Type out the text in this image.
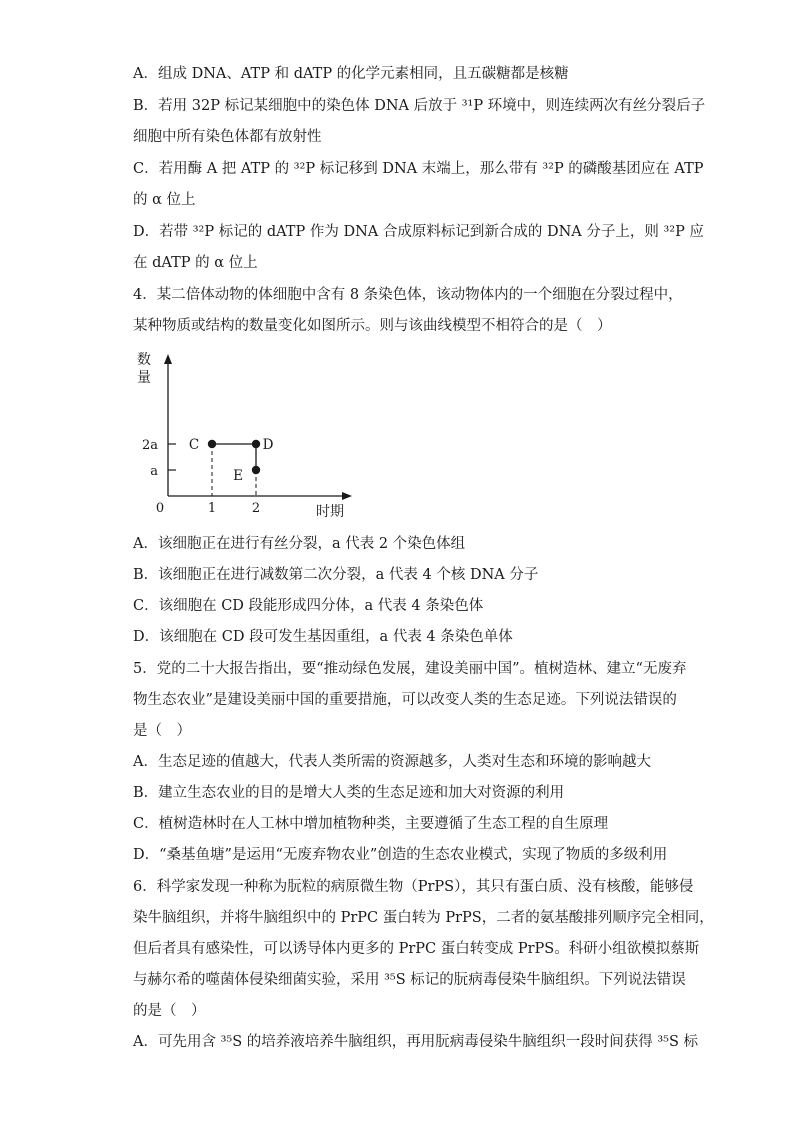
A．组成 DNA、ATP 和 dATP 的化学元素相同，且五碳糖都是核糖
B．若用 32P 标记某细胞中的染色体 DNA 后放于 ³¹P 环境中，则连续两次有丝分裂后子
细胞中所有染色体都有放射性
C．若用酶 A 把 ATP 的 ³²P 标记移到 DNA 末端上，那么带有 ³²P 的磷酸基团应在 ATP
的 α 位上
D．若带 ³²P 标记的 dATP 作为 DNA 合成原料标记到新合成的 DNA 分子上，则 ³²P 应
在 dATP 的 α 位上
4．某二倍体动物的体细胞中含有 8 条染色体，该动物体内的一个细胞在分裂过程中，
某种物质或结构的数量变化如图所示。则与该曲线模型不相符合的是（　）
数
量
时期
0	1	2
a
2a C	D
E
A．该细胞正在进行有丝分裂，a 代表 2 个染色体组
B．该细胞正在进行减数第二次分裂，a 代表 4 个核 DNA 分子
C．该细胞在 CD 段能形成四分体，a 代表 4 条染色体
D．该细胞在 CD 段可发生基因重组，a 代表 4 条染色单体
5．党的二十大报告指出，要“推动绿色发展，建设美丽中国”。植树造林、建立“无废弃
物生态农业”是建设美丽中国的重要措施，可以改变人类的生态足迹。下列说法错误的
是（　）
A．生态足迹的值越大，代表人类所需的资源越多，人类对生态和环境的影响越大
B．建立生态农业的目的是增大人类的生态足迹和加大对资源的利用
C．植树造林时在人工林中增加植物种类，主要遵循了生态工程的自生原理
D．“桑基鱼塘”是运用“无废弃物农业”创造的生态农业模式，实现了物质的多级利用
6．科学家发现一种称为朊粒的病原微生物（PrPS），其只有蛋白质、没有核酸，能够侵
染牛脑组织，并将牛脑组织中的 PrPC 蛋白转为 PrPS，二者的氨基酸排列顺序完全相同，
但后者具有感染性，可以诱导体内更多的 PrPC 蛋白转变成 PrPS。科研小组欲模拟蔡斯
与赫尔希的噬菌体侵染细菌实验，采用 ³⁵S 标记的朊病毒侵染牛脑组织。下列说法错误
的是（　）
A．可先用含 ³⁵S 的培养液培养牛脑组织，再用朊病毒侵染牛脑组织一段时间获得 ³⁵S 标
